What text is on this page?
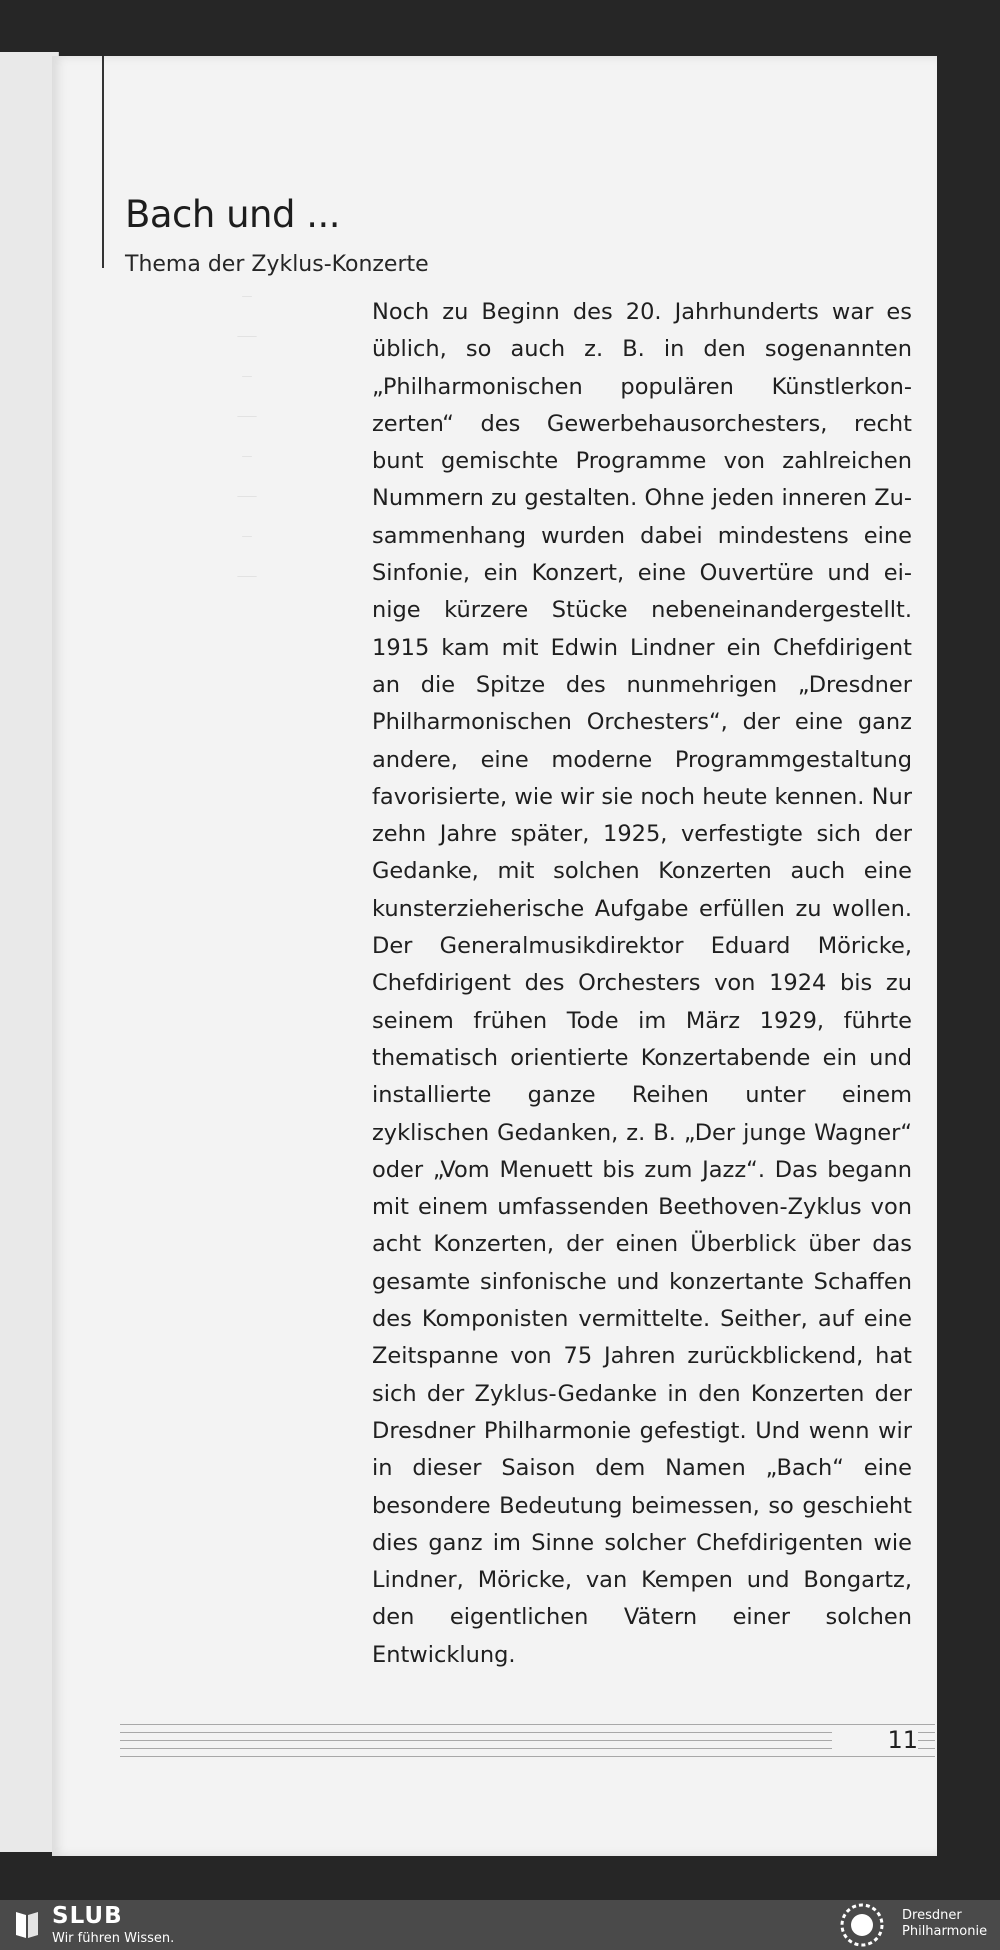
–
—
–
—
–
—
–
—
Bach und ...
Thema der Zyklus-Konzerte

Noch zu Beginn des 20. Jahrhunderts war es üblich, so auch z. B. in den sogenannten „Philharmonischen populären Künstlerkonzerten“ des Gewerbehausorchesters, recht bunt gemischte Programme von zahlreichen Nummern zu gestalten. Ohne jeden inneren Zusammenhang wurden dabei mindestens eine Sinfonie, ein Konzert, eine Ouvertüre und einige kürzere Stücke nebeneinandergestellt. 1915 kam mit Edwin Lindner ein Chefdirigent an die Spitze des nunmehrigen „Dresdner Philharmonischen Orchesters“, der eine ganz andere, eine moderne Programmgestaltung favorisierte, wie wir sie noch heute kennen. Nur zehn Jahre später, 1925, verfestigte sich der Gedanke, mit solchen Konzerten auch eine kunsterzieherische Aufgabe erfüllen zu wollen. Der Generalmusikdirektor Eduard Möricke, Chefdirigent des Orchesters von 1924 bis zu seinem frühen Tode im März 1929, führte thematisch orientierte Konzertabende ein und installierte ganze Reihen unter einem zyklischen Gedanken, z. B. „Der junge Wagner“ oder „Vom Menuett bis zum Jazz“. Das begann mit einem umfassenden Beethoven-Zyklus von acht Konzerten, der einen Überblick über das gesamte sinfonische und konzertante Schaffen des Komponisten vermittelte. Seither, auf eine Zeitspanne von 75 Jahren zurückblickend, hat sich der Zyklus-Gedanke in den Konzerten der Dresdner Philharmonie gefestigt. Und wenn wir in dieser Saison dem Namen „Bach“ eine besondere Bedeutung beimessen, so geschieht dies ganz im Sinne solcher Chefdirigenten wie Lindner, Möricke, van Kempen und Bongartz, den eigentlichen Vätern einer solchen Entwicklung.

11
SLUB
Wir führen Wissen.
Dresdner Philharmonie
